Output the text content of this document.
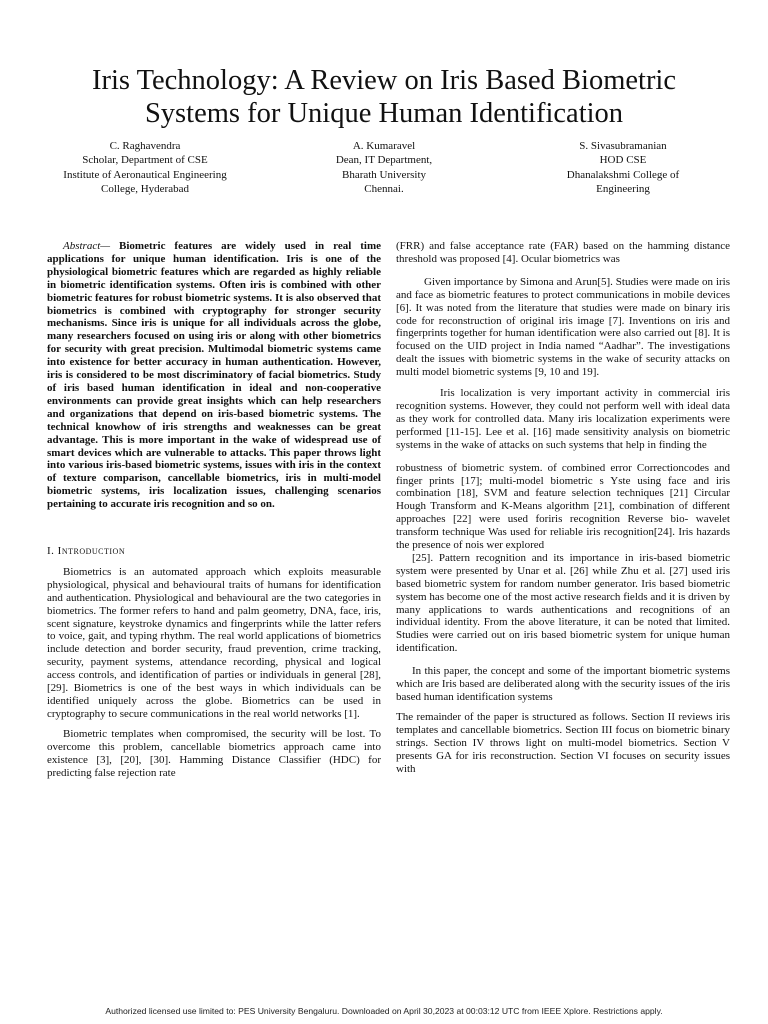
Iris Technology: A Review on Iris Based Biometric
Systems for Unique Human Identification
C. Raghavendra
Scholar, Department of CSE
Institute of Aeronautical Engineering
College, Hyderabad
A. Kumaravel
Dean, IT Department,
Bharath University
Chennai.
S. Sivasubramanian
HOD CSE
Dhanalakshmi College of
Engineering

Abstract— Biometric features are widely used in real time applications for unique human identification. Iris is one of the physiological biometric features which are regarded as highly reliable in biometric identification systems. Often iris is combined with other biometric features for robust biometric systems. It is also observed that biometrics is combined with cryptography for stronger security mechanisms. Since iris is unique for all individuals across the globe, many researchers focused on using iris or along with other biometrics for security with great precision. Multimodal biometric systems came into existence for better accuracy in human authentication. However, iris is considered to be most discriminatory of facial biometrics. Study of iris based human identification in ideal and non-cooperative environments can provide great insights which can help researchers and organizations that depend on iris-based biometric systems. The technical knowhow of iris strengths and weaknesses can be great advantage. This is more important in the wake of widespread use of smart devices which are vulnerable to attacks. This paper throws light into various iris-based biometric systems, issues with iris in the context of texture comparison, cancellable biometrics, iris in multi-model biometric systems, iris localization issues, challenging scenarios pertaining to accurate iris recognition and so on.

I. Introduction

Biometrics is an automated approach which exploits measurable physiological, physical and behavioural traits of humans for identification and authentication. Physiological and behavioural are the two categories in biometrics. The former refers to hand and palm geometry, DNA, face, iris, scent signature, keystroke dynamics and fingerprints while the latter refers to voice, gait, and typing rhythm. The real world applications of biometrics include detection and border security, fraud prevention, crime tracking, security, payment systems, attendance recording, physical and logical access controls, and identification of parties or individuals in general [28], [29]. Biometrics is one of the best ways in which individuals can be identified uniquely across the globe. Biometrics can be used in cryptography to secure communications in the real world networks [1].

Biometric templates when compromised, the security will be lost. To overcome this problem, cancellable biometrics approach came into existence [3], [20], [30]. Hamming Distance Classifier (HDC) for predicting false rejection rate

(FRR) and false acceptance rate (FAR) based on the hamming distance threshold was proposed [4]. Ocular biometrics was

Given importance by Simona and Arun[5]. Studies were made on iris and face as biometric features to protect communications in mobile devices [6]. It was noted from the literature that studies were made on binary iris code for reconstruction of original iris image [7]. Inventions on iris and fingerprints together for human identification were also carried out [8]. It is focused on the UID project in India named “Aadhar”. The investigations dealt the issues with biometric systems in the wake of security attacks on multi model biometric systems [9, 10 and 19].

Iris localization is very important activity in commercial iris recognition systems. However, they could not perform well with ideal data as they work for controlled data. Many iris localization experiments were performed [11-15]. Lee et al. [16] made sensitivity analysis on biometric systems in the wake of attacks on such systems that help in finding the

robustness of biometric system. of combined error Correctioncodes and finger prints [17]; multi-model biometric s Yste using face and iris combination [18], SVM and feature selection techniques [21] Circular Hough Transform and K-Means algorithm [21], combination of different approaches [22] were used foriris recognition Reverse bio- wavelet transform technique Was used for reliable iris recognition[24]. Iris hazards the presence of nois wer explored

[25]. Pattern recognition and its importance in iris-based biometric system were presented by Unar et al. [26] while Zhu et al. [27] used iris based biometric system for random number generator. Iris based biometric system has become one of the most active research fields and it is driven by many applications to wards authentications and recognitions of an individual identity. From the above literature, it can be noted that limited. Studies were carried out on iris based biometric system for unique human identification.

In this paper, the concept and some of the important biometric systems which are Iris based are deliberated along with the security issues of the iris based human identification systems

The remainder of the paper is structured as follows. Section II reviews iris templates and cancellable biometrics. Section III focus on biometric binary strings. Section IV throws light on multi-model biometrics. Section V presents GA for iris reconstruction. Section VI focuses on security issues with

Authorized licensed use limited to: PES University Bengaluru. Downloaded on April 30,2023 at 00:03:12 UTC from IEEE Xplore. Restrictions apply.
